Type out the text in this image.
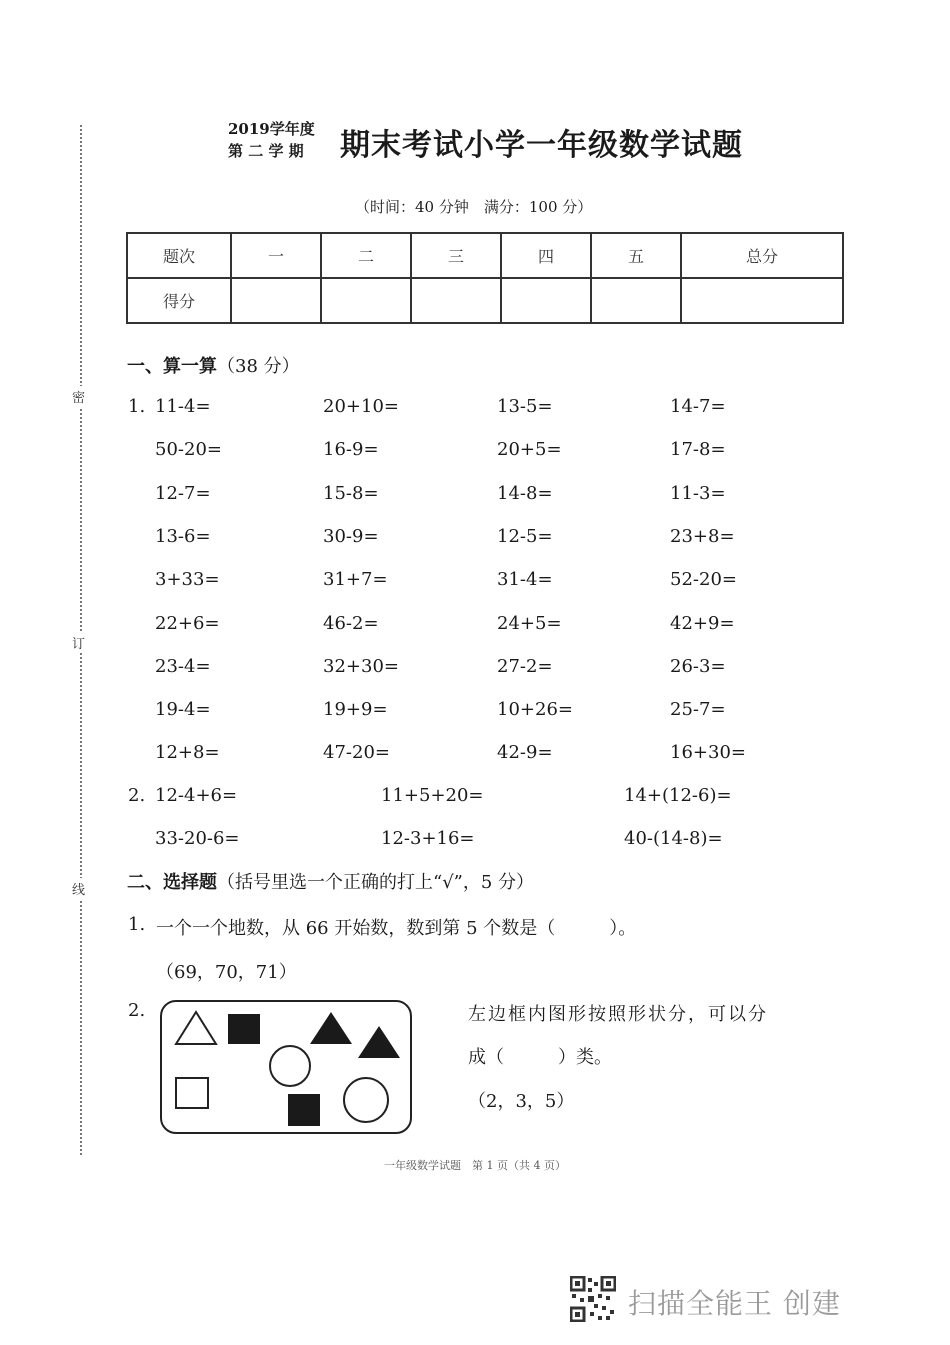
密
订
线
2019学年度
第 二 学 期	期末考试小学一年级数学试题
（时间：40 分钟　满分：100 分）
题次	一	二	三	四	五	总分
得分						
一、算一算（38 分）
1. 11-4=	20+10=	13-5=	14-7=
50-20=	16-9=	20+5=	17-8=
12-7=	15-8=	14-8=	11-3=
13-6=	30-9=	12-5=	23+8=
3+33=	31+7=	31-4=	52-20=
22+6=	46-2=	24+5=	42+9=
23-4=	32+30=	27-2=	26-3=
19-4=	19+9=	10+26=	25-7=
12+8=	47-20=	42-9=	16+30=
2. 12-4+6=	11+5+20=	14+(12-6)=
33-20-6=	12-3+16=	40-(14-8)=
二、选择题（括号里选一个正确的打上“√”，5 分）
1. 一个一个地数，从 66 开始数，数到第 5 个数是（　　　）。
（69，70，71）
2.	左边框内图形按照形状分，可以分
成（　　　）类。
（2，3，5）
一年级数学试题　第 1 页（共 4 页）
扫描全能王 创建
